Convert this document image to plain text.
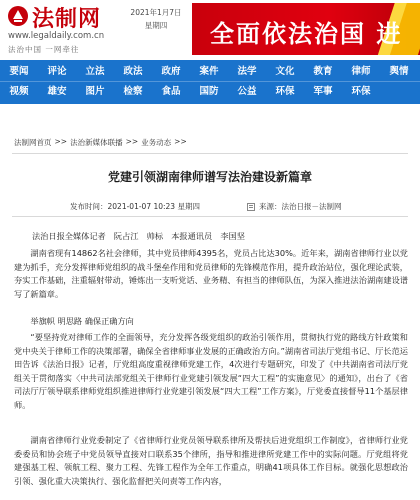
法制网
www.legaldaily.com.cn
法治中国 一网牵往
2021年1月7日
星期四	全面依法治国 进
要闻	评论	立法	政法	政府	案件	法学	文化	教育	律师	舆情
视频	雄安	图片	检察	食品	国防	公益	环保	军事	环保
法制网首页 >> 法治新媒体联播 >> 业务动态 >>
党建引领湖南律师谱写法治建设新篇章
发布时间：2021-01-07 10:23 星期四	来源：法治日报－法制网
法治日报全媒体记者　阮占江　帅标　本报通讯员　李国坚
湖南省现有14862名社会律师，其中党员律师4395名，党员占比达30%。近年来，湖南省律师行业以党建为抓手，充分发挥律师党组织的战斗堡垒作用和党员律师的先锋模范作用，提升政治站位，强化理论武装，夯实工作基础，注重辐射带动，锤炼出一支听党话、业务精、有担当的律师队伍，为深入推进法治湖南建设谱写了新篇章。
举旗帜 明思路 确保正确方向
“要坚持党对律师工作的全面领导，充分发挥各级党组织的政治引领作用，贯彻执行党的路线方针政策和党中央关于律师工作的决策部署，确保全省律师事业发展的正确政治方向。”湖南省司法厅党组书记、厅长范运田告诉《法治日报》记者，厅党组高度重视律师党建工作，4次进行专题研究，印发了《中共湖南省司法厅党组关于贯彻落实〈中共司法部党组关于律师行业党建引领发展“四大工程”的实施意见〉的通知》，出台了《省司法厅厅领导联系律师党组织推进律师行业党建引领发展“四大工程”工作方案》，厅党委直接督导11个基层律师。
湖南省律师行业党委制定了《省律师行业党员领导联系律所及帮扶后进党组织工作制度》，省律师行业党委委员和协会班子中党员领导直接对口联系35个律所，指导和推进律所党建工作中的实际问题。厅党组将党建强基工程、领航工程、聚力工程、先锋工程作为全年工作重点，明确41项具体工作目标。就强化思想政治引领、强化重大决策执行、强化监督把关问责等工作内容，
